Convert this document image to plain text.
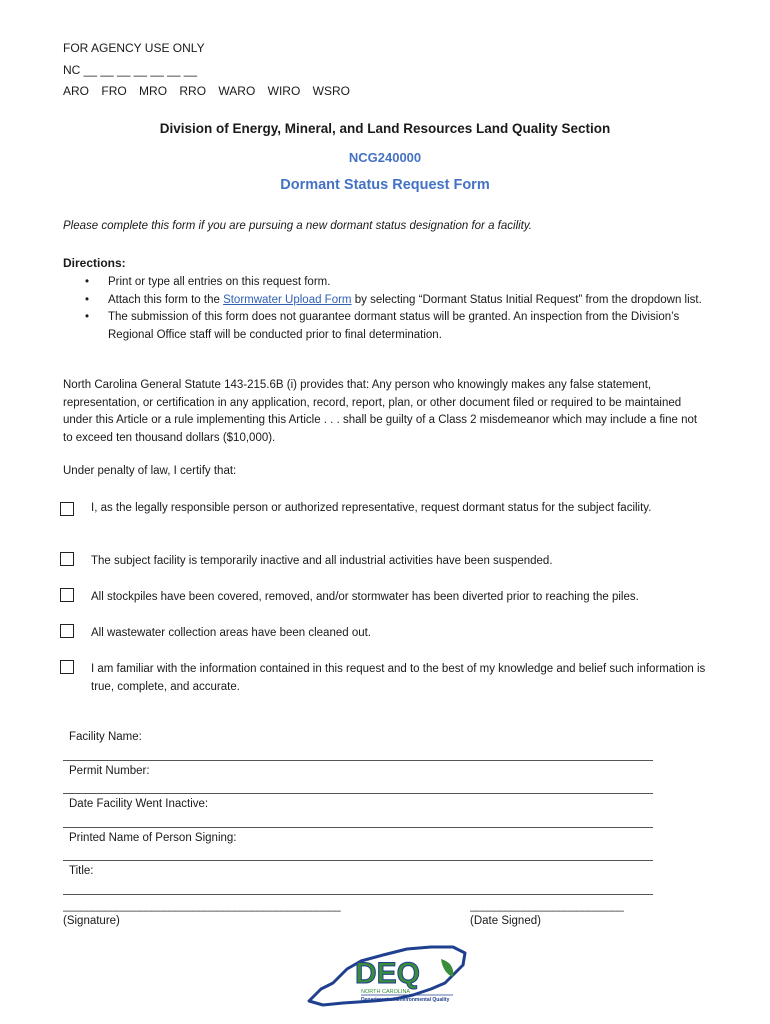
FOR AGENCY USE ONLY
NC __ __ __ __ __ __ __
ARO FRO MRO RRO WARO WIRO WSRO
Division of Energy, Mineral, and Land Resources Land Quality Section
NCG240000
Dormant Status Request Form
Please complete this form if you are pursuing a new dormant status designation for a facility.
Directions:
• Print or type all entries on this request form.
• Attach this form to the Stormwater Upload Form by selecting “Dormant Status Initial Request” from the dropdown list.
• The submission of this form does not guarantee dormant status will be granted. An inspection from the Division’s Regional Office staff will be conducted prior to final determination.
North Carolina General Statute 143-215.6B (i) provides that: Any person who knowingly makes any false statement, representation, or certification in any application, record, report, plan, or other document filed or required to be maintained under this Article or a rule implementing this Article . . . shall be guilty of a Class 2 misdemeanor which may include a fine not to exceed ten thousand dollars ($10,000).
Under penalty of law, I certify that:
I, as the legally responsible person or authorized representative, request dormant status for the subject facility.
The subject facility is temporarily inactive and all industrial activities have been suspended.
All stockpiles have been covered, removed, and/or stormwater has been diverted prior to reaching the piles.
All wastewater collection areas have been cleaned out.
I am familiar with the information contained in this request and to the best of my knowledge and belief such information is true, complete, and accurate.
Facility Name:
Permit Number:
Date Facility Went Inactive:
Printed Name of Person Signing:
Title:
_______________________________________________
(Signature)
__________________________
(Date Signed)
DEQ
NORTH CAROLINA
Department of Environmental Quality
